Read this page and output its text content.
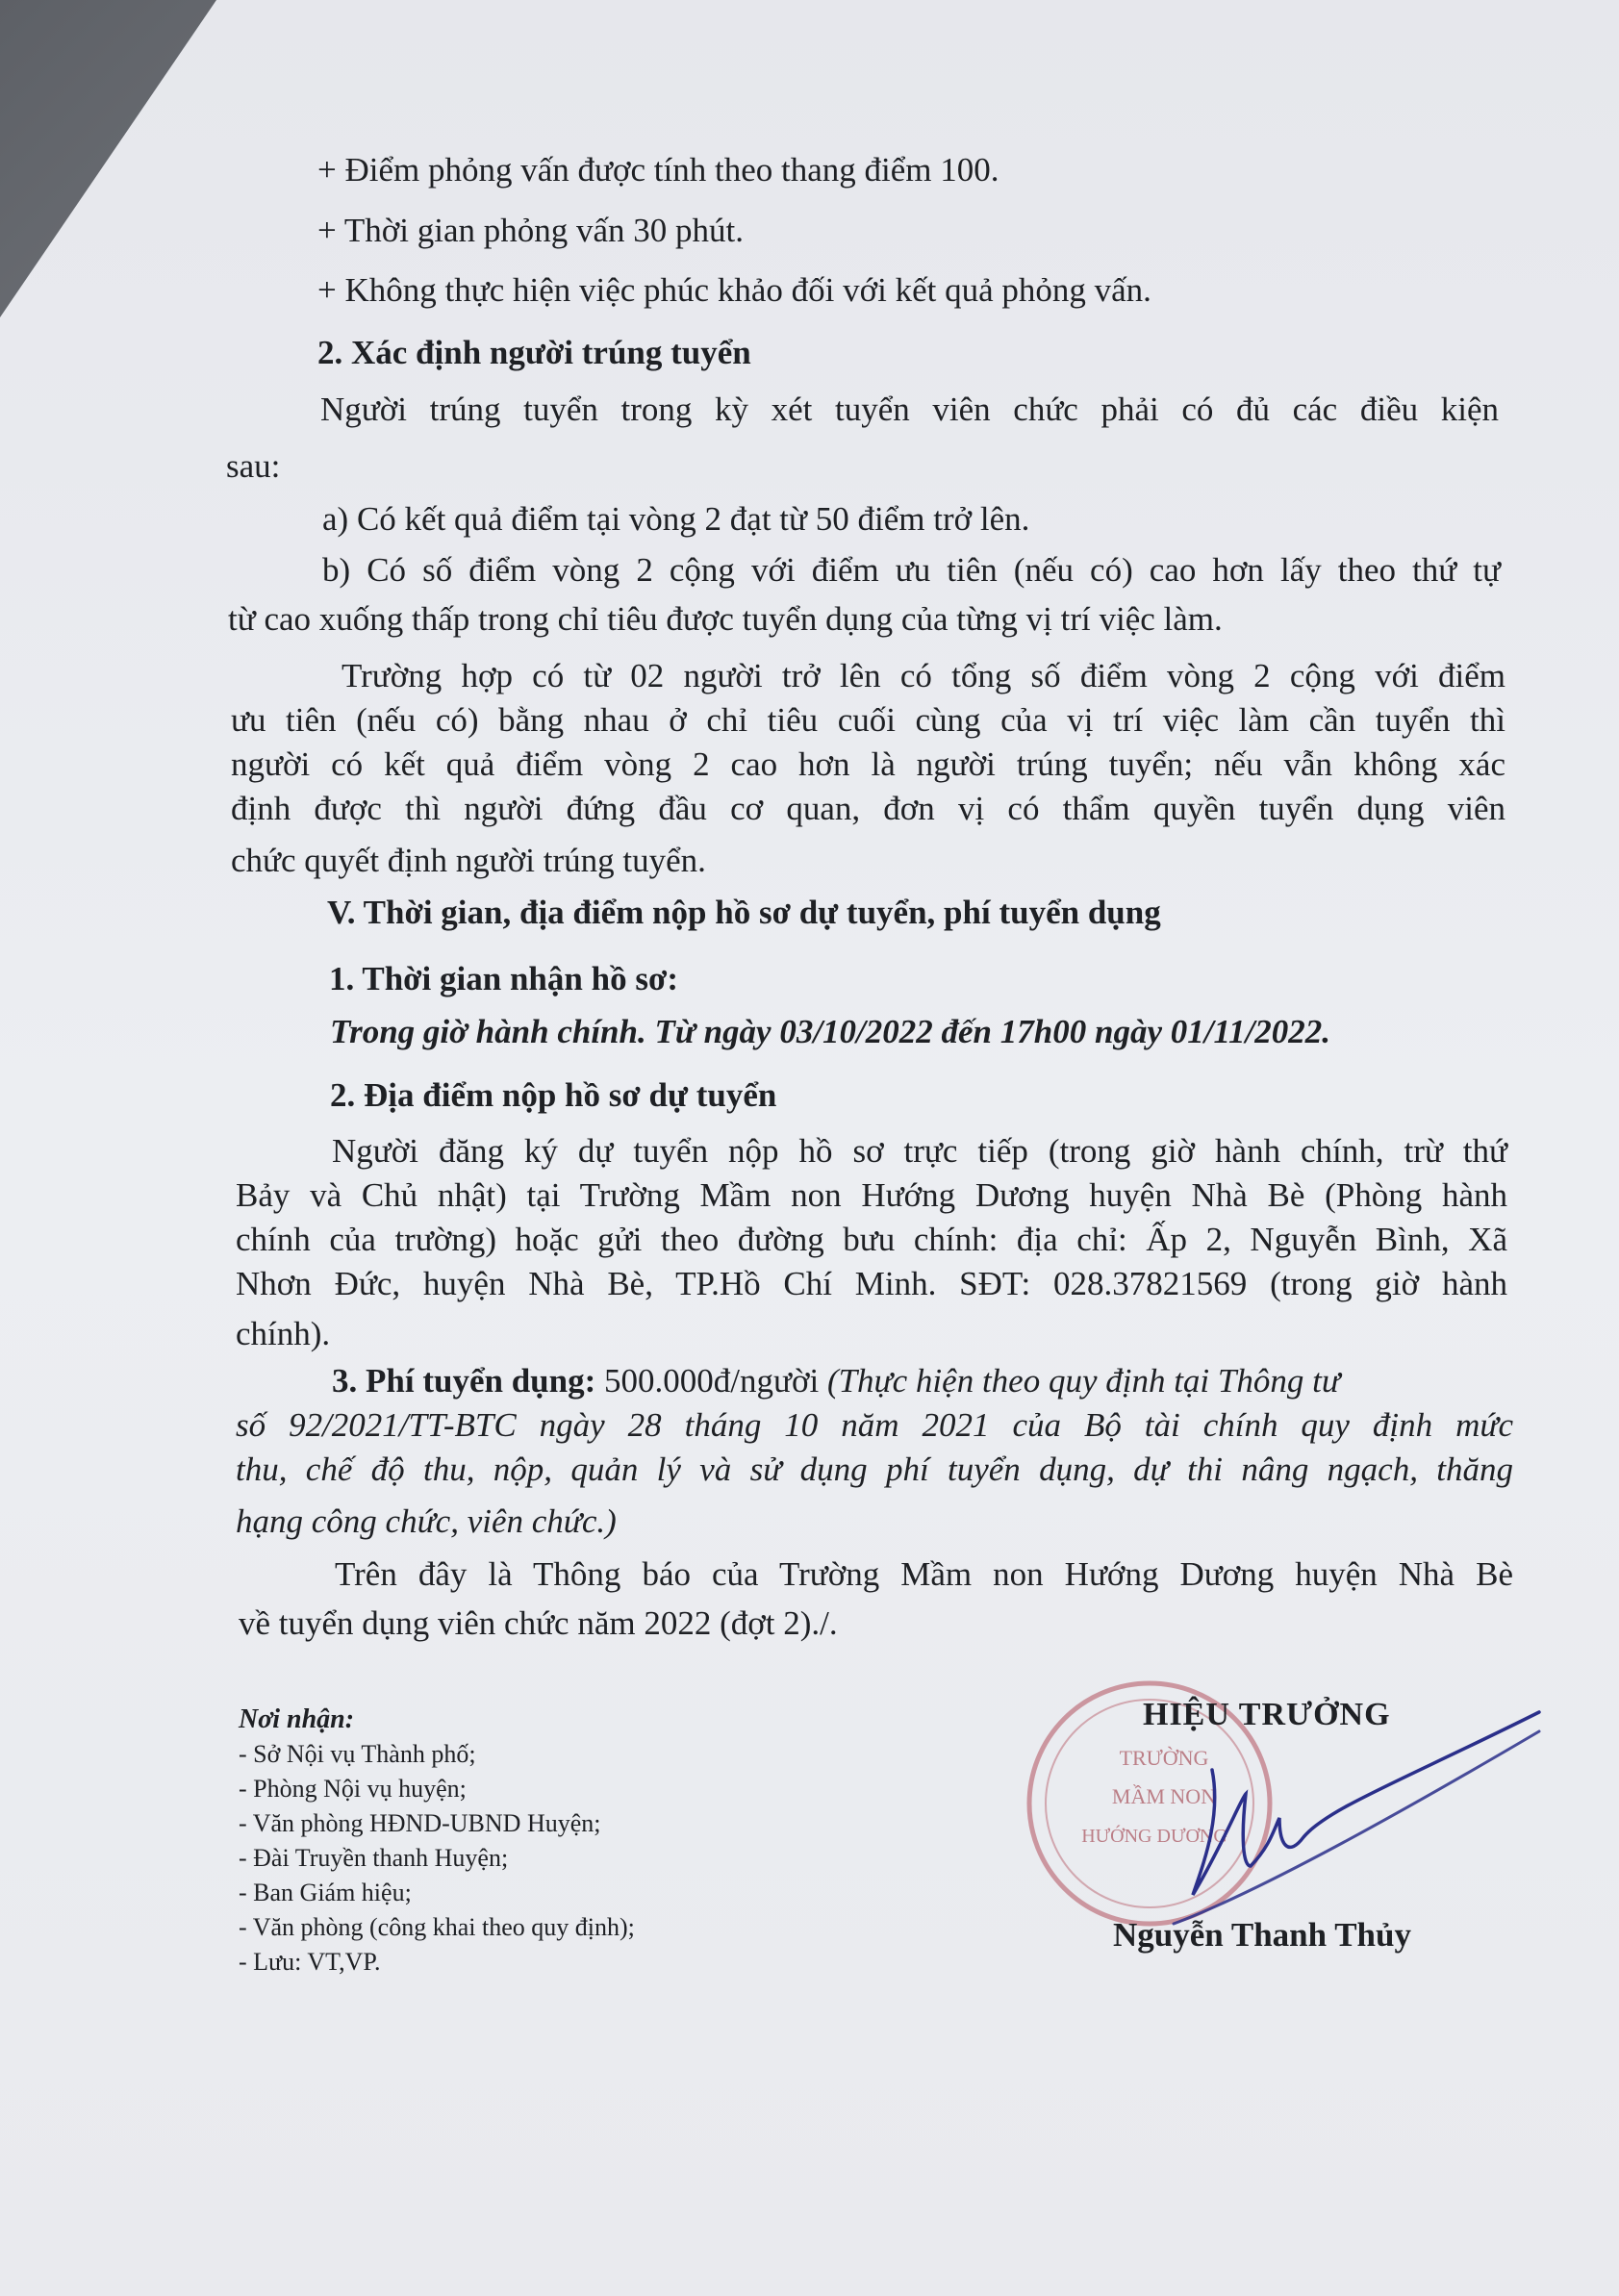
+ Điểm phỏng vấn được tính theo thang điểm 100.
+ Thời gian phỏng vấn 30 phút.
+ Không thực hiện việc phúc khảo đối với kết quả phỏng vấn.
2. Xác định người trúng tuyển
Người trúng tuyển trong kỳ xét tuyển viên chức phải có đủ các điều kiện
sau:
a) Có kết quả điểm tại vòng 2 đạt từ 50 điểm trở lên.
b) Có số điểm vòng 2 cộng với điểm ưu tiên (nếu có) cao hơn lấy theo thứ tự
từ cao xuống thấp trong chỉ tiêu được tuyển dụng của từng vị trí việc làm.
Trường hợp có từ 02 người trở lên có tổng số điểm vòng 2 cộng với điểm
ưu tiên (nếu có) bằng nhau ở chỉ tiêu cuối cùng của vị trí việc làm cần tuyển thì
người có kết quả điểm vòng 2 cao hơn là người trúng tuyển; nếu vẫn không xác
định được thì người đứng đầu cơ quan, đơn vị có thẩm quyền tuyển dụng viên
chức quyết định người trúng tuyển.
V. Thời gian, địa điểm nộp hồ sơ dự tuyển, phí tuyển dụng
1. Thời gian nhận hồ sơ:
Trong giờ hành chính. Từ ngày 03/10/2022 đến 17h00 ngày 01/11/2022.
2. Địa điểm nộp hồ sơ dự tuyển
Người đăng ký dự tuyển nộp hồ sơ trực tiếp (trong giờ hành chính, trừ thứ
Bảy và Chủ nhật) tại Trường Mầm non Hướng Dương huyện Nhà Bè (Phòng hành
chính của trường) hoặc gửi theo đường bưu chính: địa chỉ: Ấp 2, Nguyễn Bình, Xã
Nhơn Đức, huyện Nhà Bè, TP.Hồ Chí Minh. SĐT: 028.37821569 (trong giờ hành
chính).
3. Phí tuyển dụng: 500.000đ/người (Thực hiện theo quy định tại Thông tư
số 92/2021/TT-BTC ngày 28 tháng 10 năm 2021 của Bộ tài chính quy định mức
thu, chế độ thu, nộp, quản lý và sử dụng phí tuyển dụng, dự thi nâng ngạch, thăng
hạng công chức, viên chức.)
Trên đây là Thông báo của Trường Mầm non Hướng Dương huyện Nhà Bè
về tuyển dụng viên chức năm 2022 (đợt 2)./.
Nơi nhận:
- Sở Nội vụ Thành phố;
- Phòng Nội vụ huyện;
- Văn phòng HĐND-UBND Huyện;
- Đài Truyền thanh Huyện;
- Ban Giám hiệu;
- Văn phòng (công khai theo quy định);
- Lưu: VT,VP.
TRƯỜNG
MẦM NON
HƯỚNG DƯƠNG
HIỆU TRƯỞNG
Nguyễn Thanh Thủy
